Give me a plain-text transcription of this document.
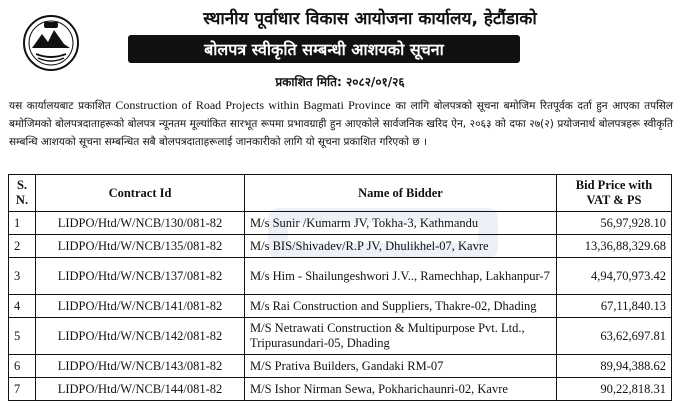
स्थानीय पूर्वाधार विकास आयोजना कार्यालय, हेटौंडाको
बोलपत्र स्वीकृति सम्बन्धी आशयको सूचना
प्रकाशित मिति: २०८२/०१/२६
यस कार्यालयबाट प्रकाशित Construction of Road Projects within Bagmati Province का लागि बोलपत्रको सूचना बमोजिम रितपूर्वक दर्ता हुन आएका तपसिल बमोजिमको बोलपत्रदाताहरूको बोलपत्र न्यूनतम मूल्यांकित सारभूत रूपमा प्रभावग्राही हुन आएकोले सार्वजनिक खरिद ऐन, २०६३ को दफा २७(२) प्रयोजनार्थ बोलपत्रहरू स्वीकृति सम्बन्धि आशयको सूचना सम्बन्धित सबै बोलपत्रदाताहरूलाई जानकारीको लागि यो सूचना प्रकाशित गरिएको छ ।
S.
N.	Contract Id	Name of Bidder	Bid Price with
VAT & PS
1	LIDPO/Htd/W/NCB/130/081-82	M/s Sunir /Kumarm JV, Tokha-3, Kathmandu	56,97,928.10
2	LIDPO/Htd/W/NCB/135/081-82	M/s BIS/Shivadev/R.P JV, Dhulikhel-07, Kavre	13,36,88,329.68
3	LIDPO/Htd/W/NCB/137/081-82	M/s Him - Shailungeshwori J.V.., Ramechhap, Lakhanpur-7	4,94,70,973.42
4	LIDPO/Htd/W/NCB/141/081-82	M/s Rai Construction and Suppliers, Thakre-02, Dhading	67,11,840.13
5	LIDPO/Htd/W/NCB/142/081-82	M/S Netrawati Construction & Multipurpose Pvt. Ltd., Tripurasundari-05, Dhading	63,62,697.81
6	LIDPO/Htd/W/NCB/143/081-82	M/S Prativa Builders, Gandaki RM-07	89,94,388.62
7	LIDPO/Htd/W/NCB/144/081-82	M/S Ishor Nirman Sewa, Pokharichaunri-02, Kavre	90,22,818.31
